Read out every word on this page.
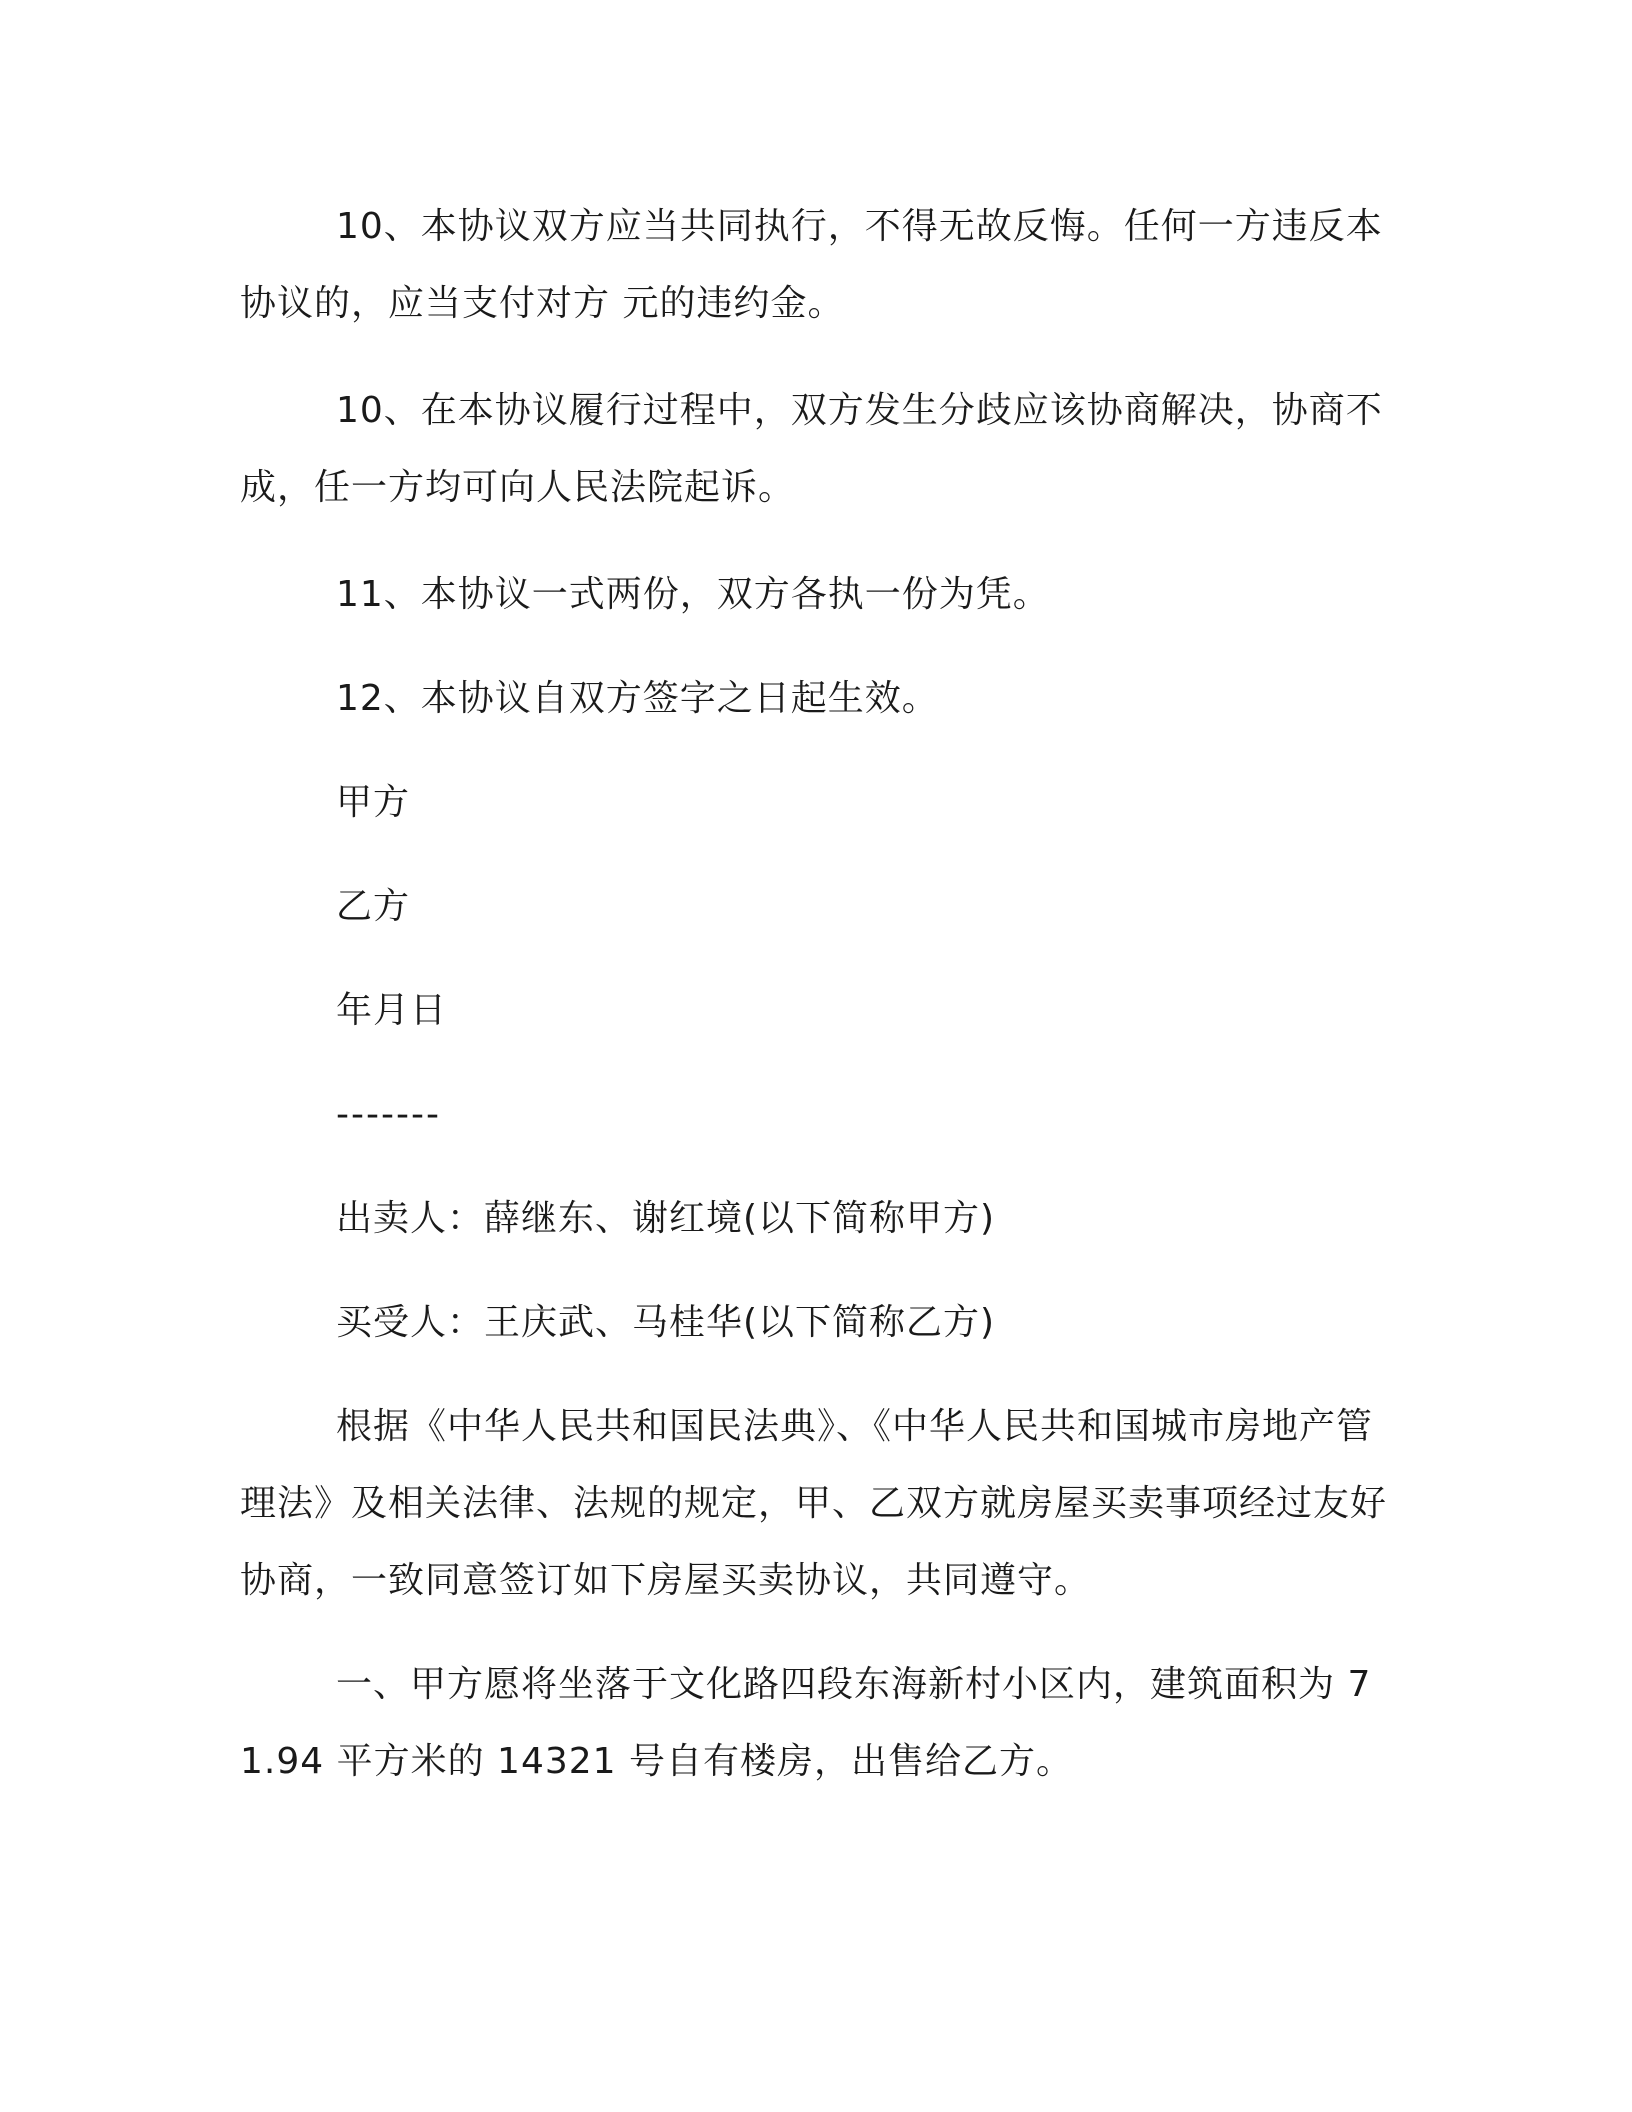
10、本协议双方应当共同执行，不得无故反悔。任何一方违反本协议的，应当支付对方 元的违约金。

10、在本协议履行过程中，双方发生分歧应该协商解决，协商不成，任一方均可向人民法院起诉。

11、本协议一式两份，双方各执一份为凭。

12、本协议自双方签字之日起生效。

甲方

乙方

年月日

-------

出卖人：薛继东、谢红境(以下简称甲方)

买受人：王庆武、马桂华(以下简称乙方)

根据《中华人民共和国民法典》、《中华人民共和国城市房地产管理法》及相关法律、法规的规定，甲、乙双方就房屋买卖事项经过友好协商，一致同意签订如下房屋买卖协议，共同遵守。

一、甲方愿将坐落于文化路四段东海新村小区内，建筑面积为 71.94 平方米的 14321 号自有楼房，出售给乙方。
